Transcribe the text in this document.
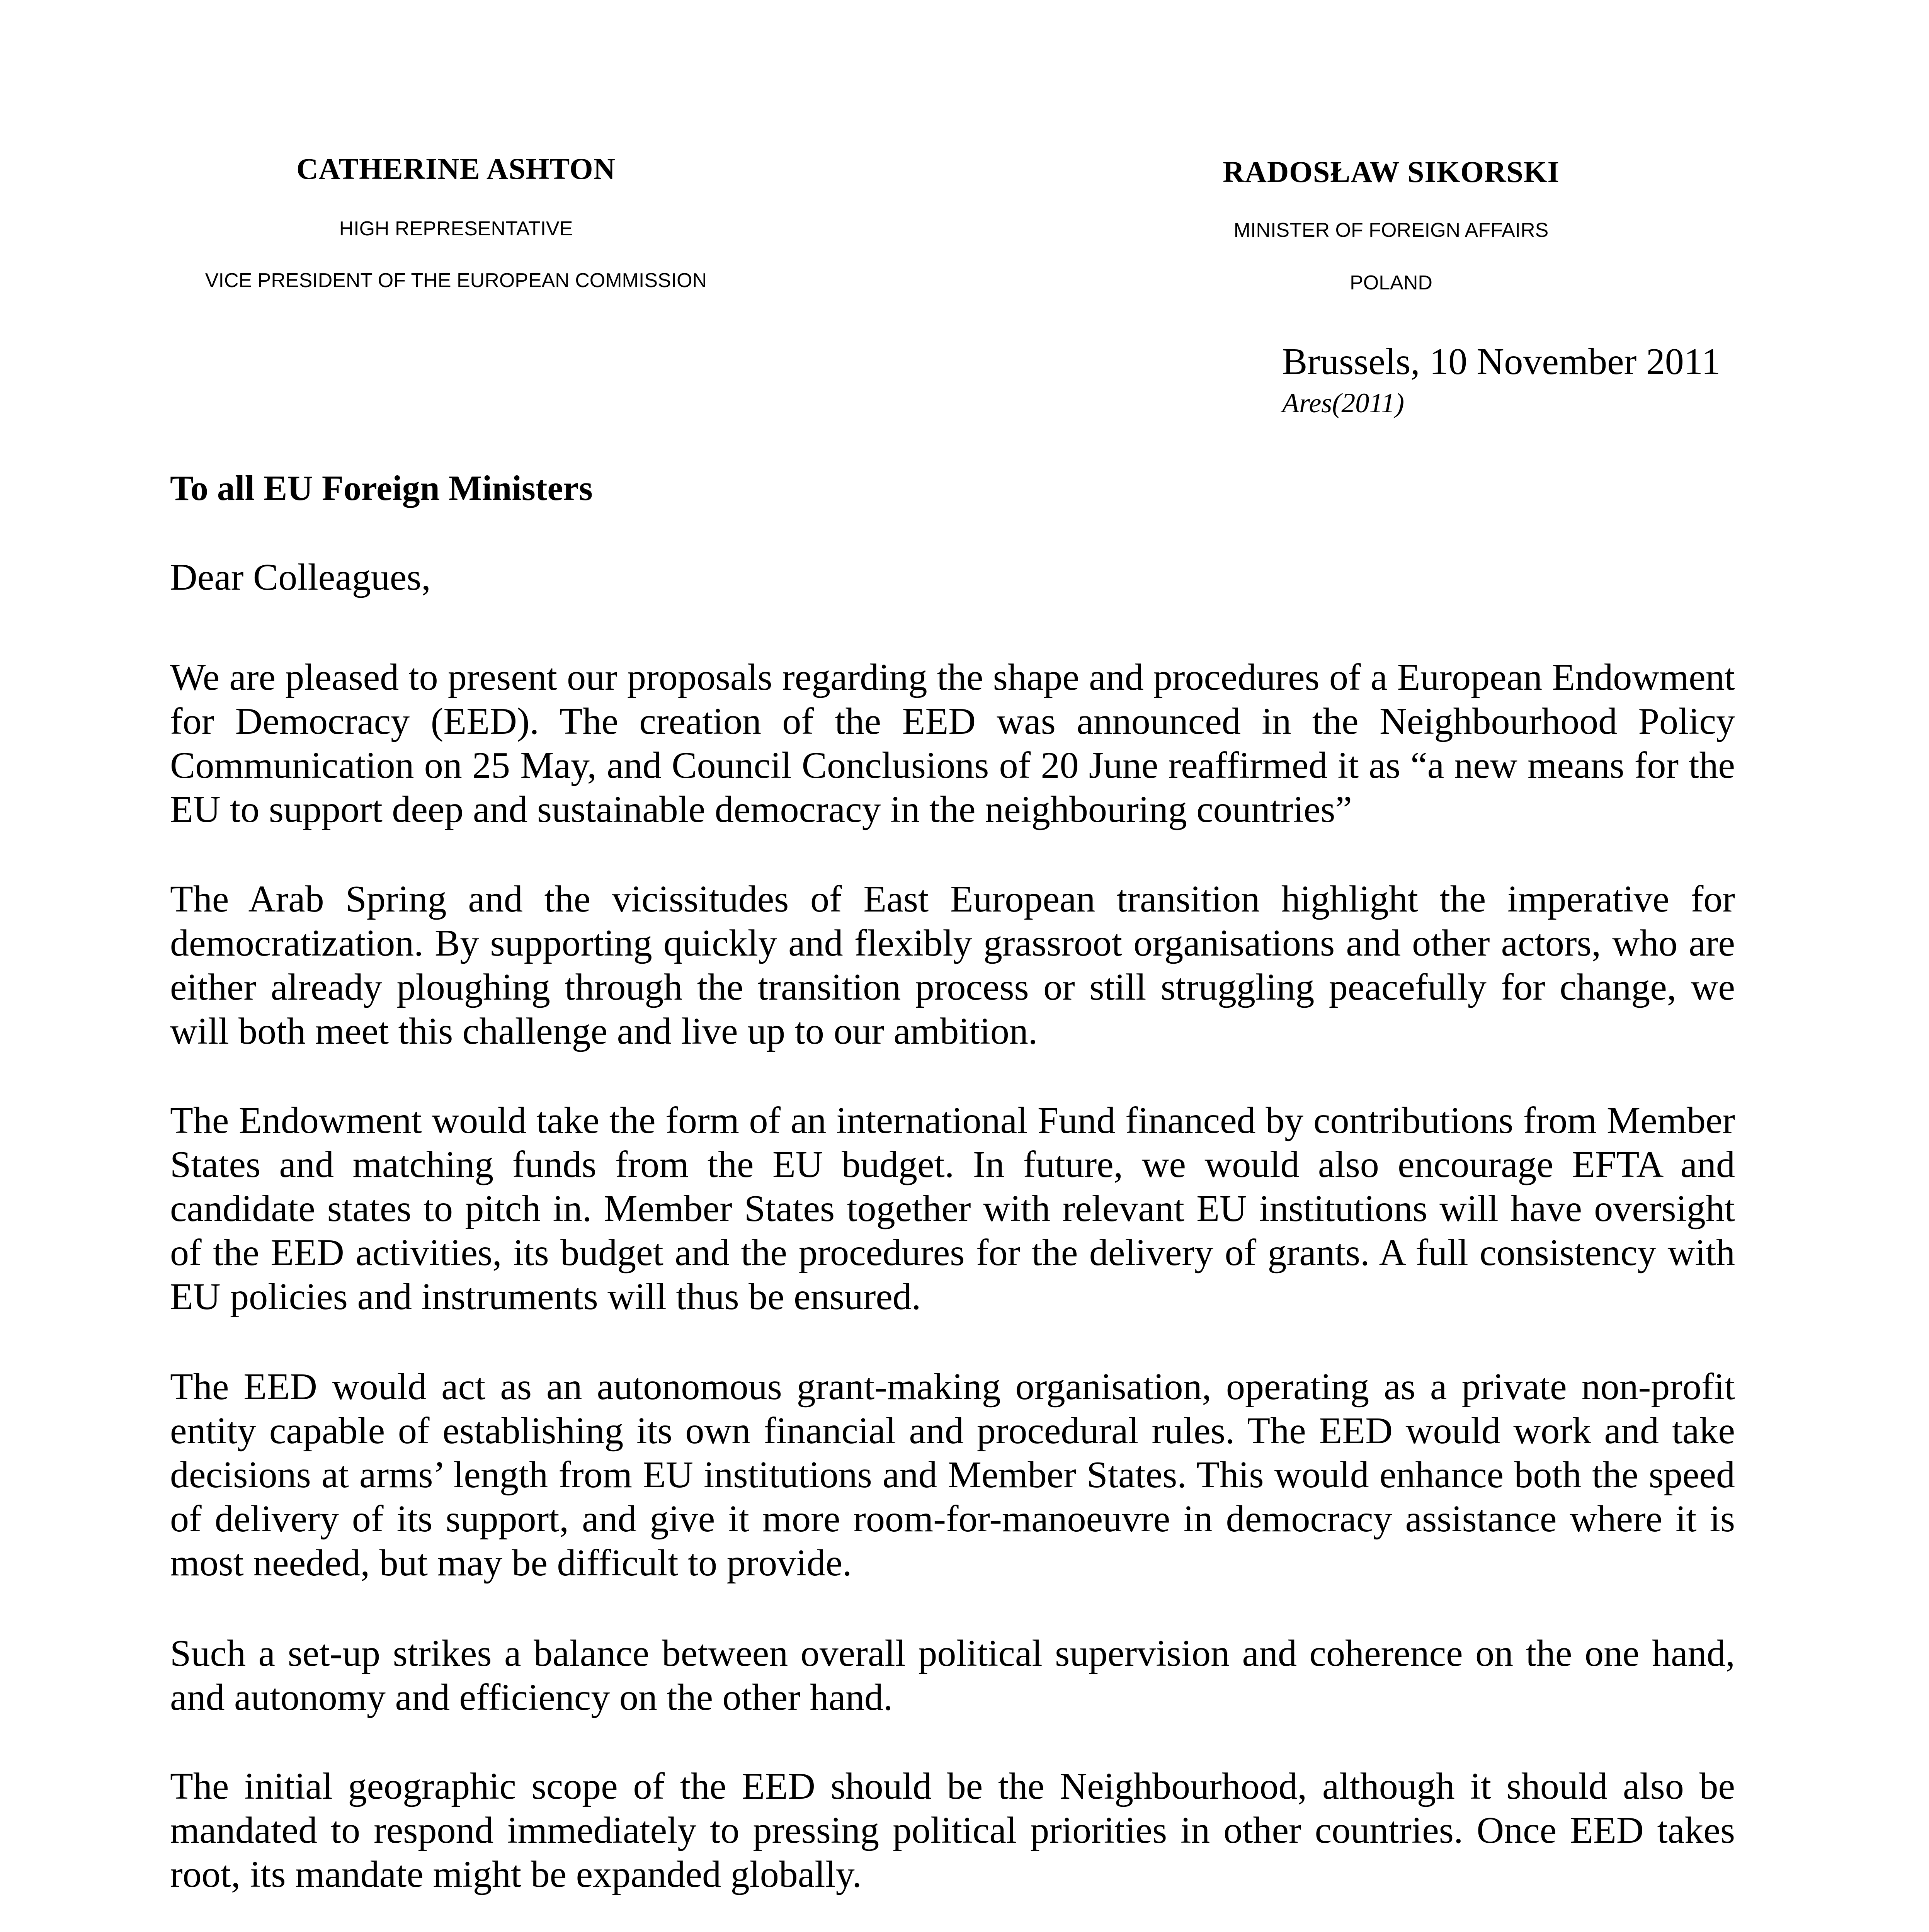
CATHERINE ASHTON
HIGH REPRESENTATIVE
VICE PRESIDENT OF THE EUROPEAN COMMISSION
RADOSŁAW SIKORSKI
MINISTER OF FOREIGN AFFAIRS
POLAND
Brussels, 10 November 2011
Ares(2011)
To all EU Foreign Ministers
Dear Colleagues,

We are pleased to present our proposals regarding the shape and procedures of a European Endowment for Democracy (EED). The creation of the EED was announced in the Neighbourhood Policy Communication on 25 May, and Council Conclusions of 20 June reaffirmed it as “a new means for the EU to support deep and sustainable democracy in the neighbouring countries”

The Arab Spring and the vicissitudes of East European transition highlight the imperative for democratization. By supporting quickly and flexibly grassroot organisations and other actors, who are either already ploughing through the transition process or still struggling peacefully for change, we will both meet this challenge and live up to our ambition.

The Endowment would take the form of an international Fund financed by contributions from Member States and matching funds from the EU budget. In future, we would also encourage EFTA and candidate states to pitch in. Member States together with relevant EU institutions will have oversight of the EED activities, its budget and the procedures for the delivery of grants. A full consistency with EU policies and instruments will thus be ensured.

The EED would act as an autonomous grant-making organisation, operating as a private non-profit entity capable of establishing its own financial and procedural rules. The EED would work and take decisions at arms’ length from EU institutions and Member States. This would enhance both the speed of delivery of its support, and give it more room-for-manoeuvre in democracy assistance where it is most needed, but may be difficult to provide.

Such a set-up strikes a balance between overall political supervision and coherence on the one hand, and autonomy and efficiency on the other hand.

The initial geographic scope of the EED should be the Neighbourhood, although it should also be mandated to respond immediately to pressing political priorities in other countries. Once EED takes root, its mandate might be expanded globally.
